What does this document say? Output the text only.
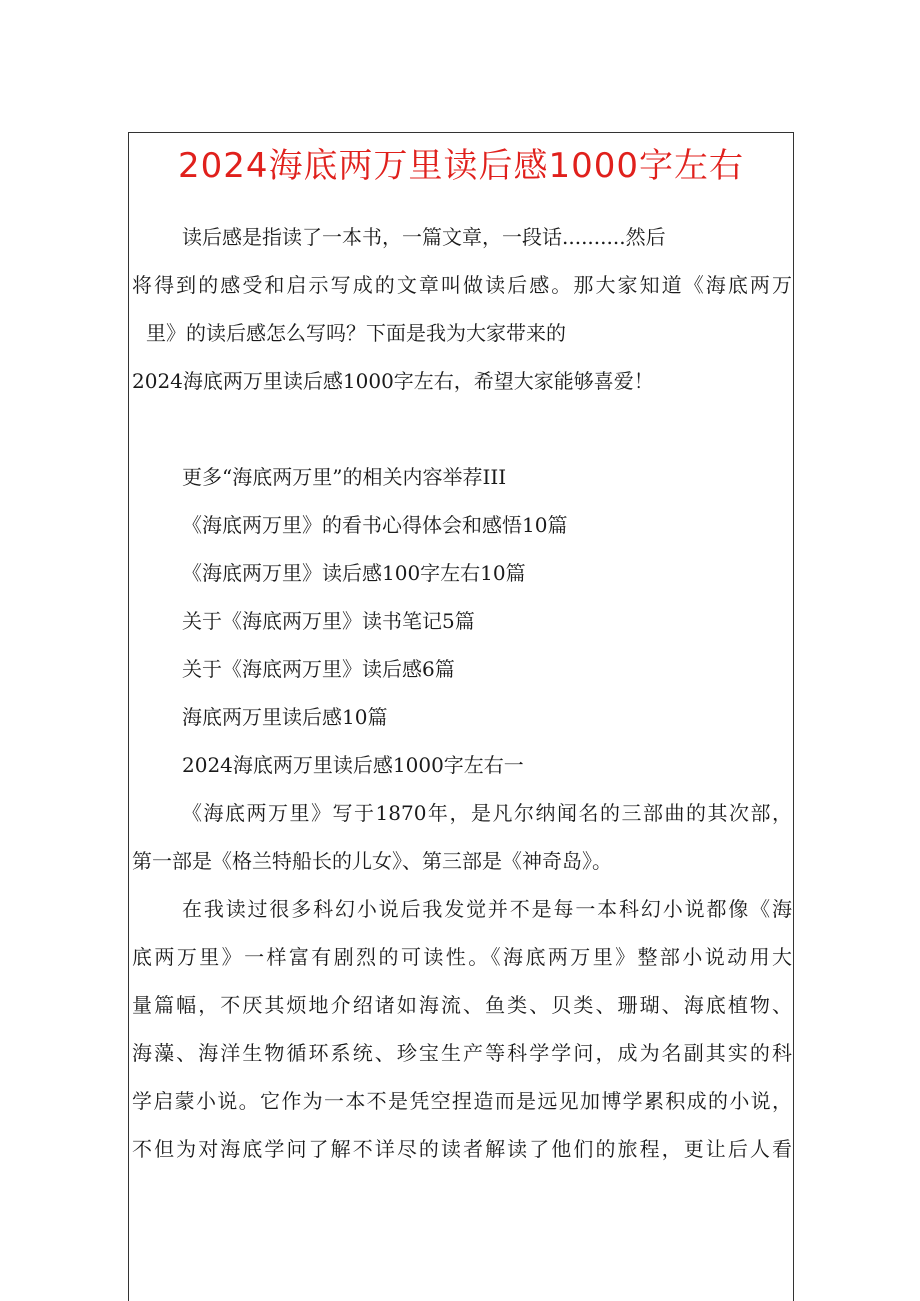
2024海底两万里读后感1000字左右
读后感是指读了一本书，一篇文章，一段话..........然后
将得到的感受和启示写成的文章叫做读后感。那大家知道《海底两万
里》的读后感怎么写吗？下面是我为大家带来的
2024海底两万里读后感1000字左右，希望大家能够喜爱！
更多“海底两万里”的相关内容举荐III
《海底两万里》的看书心得体会和感悟10篇
《海底两万里》读后感100字左右10篇
关于《海底两万里》读书笔记5篇
关于《海底两万里》读后感6篇
海底两万里读后感10篇
2024海底两万里读后感1000字左右一
《海底两万里》写于1870年，是凡尔纳闻名的三部曲的其次部，
第一部是《格兰特船长的儿女》、第三部是《神奇岛》。
在我读过很多科幻小说后我发觉并不是每一本科幻小说都像《海
底两万里》一样富有剧烈的可读性。《海底两万里》整部小说动用大
量篇幅，不厌其烦地介绍诸如海流、鱼类、贝类、珊瑚、海底植物、
海藻、海洋生物循环系统、珍宝生产等科学学问，成为名副其实的科
学启蒙小说。它作为一本不是凭空捏造而是远见加博学累积成的小说，
不但为对海底学问了解不详尽的读者解读了他们的旅程，更让后人看
